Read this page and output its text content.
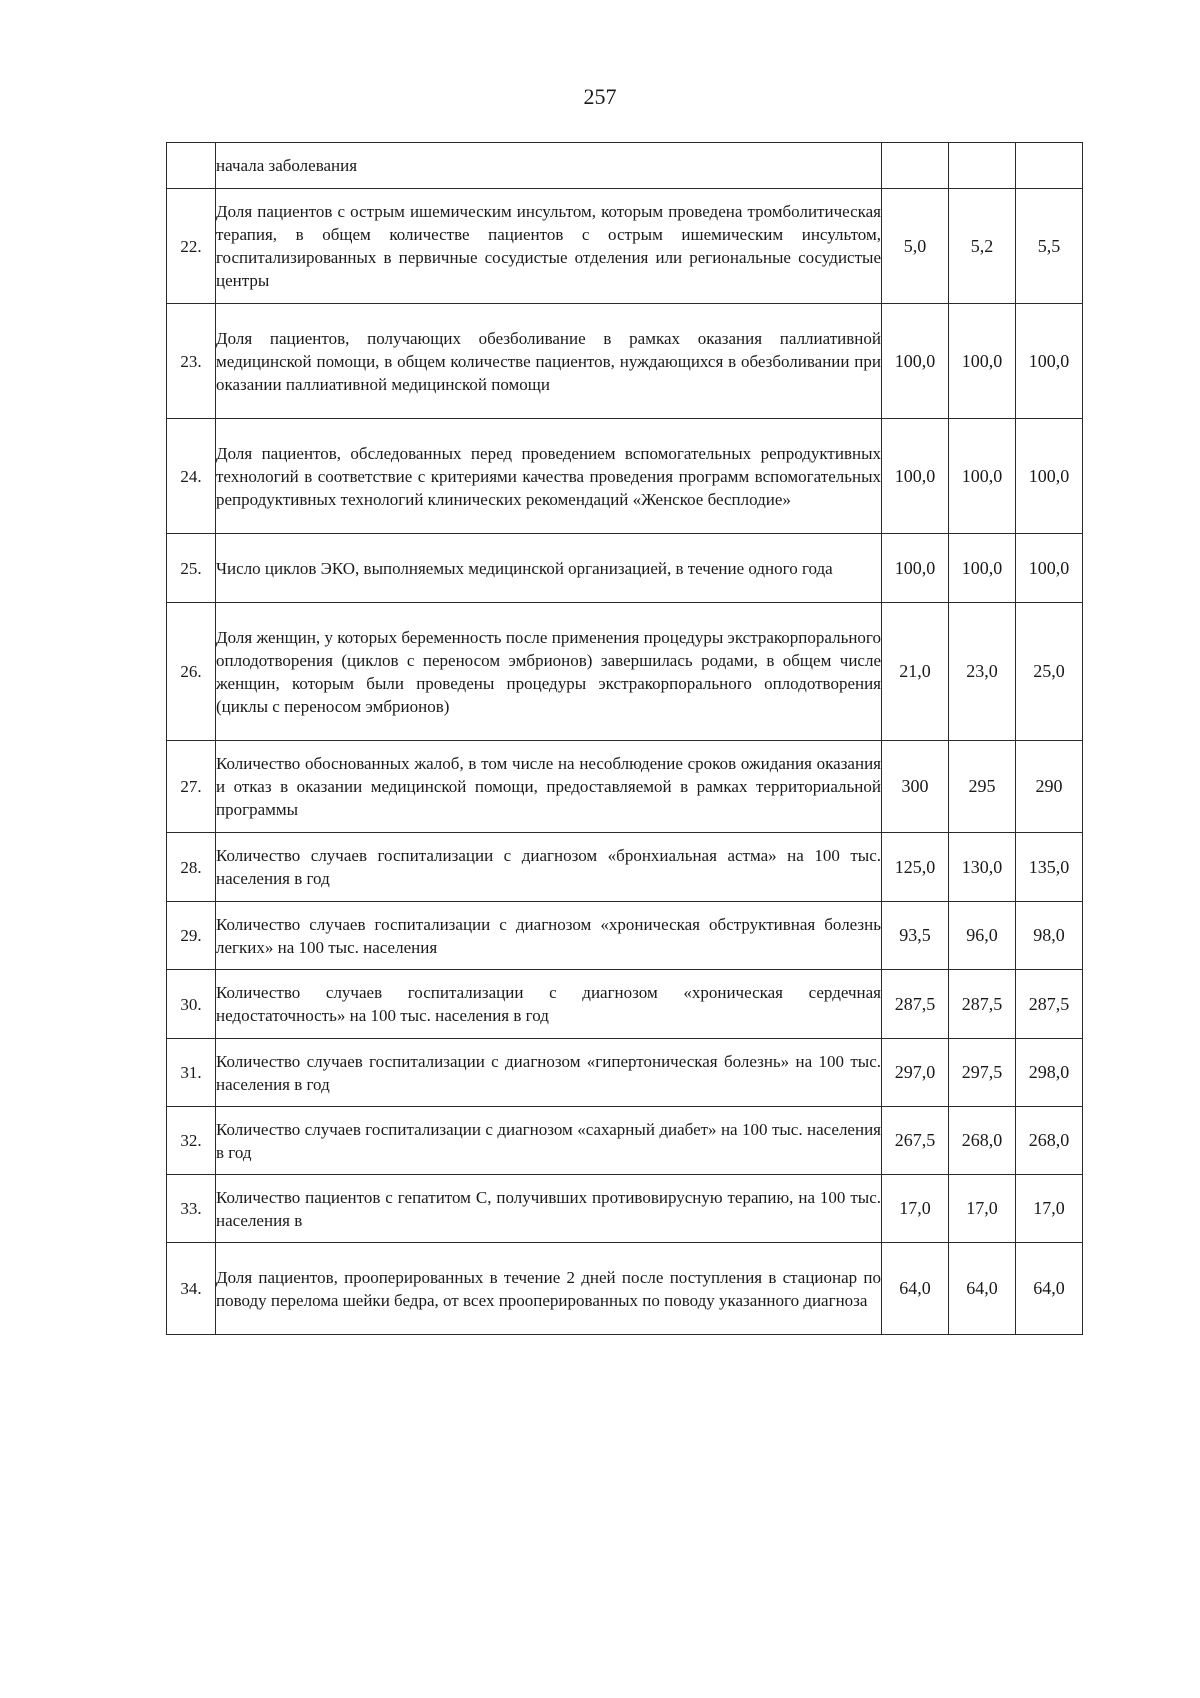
257
	начала заболевания			
22.	Доля пациентов с острым ишемическим инсультом, которым проведена тромболитическая терапия, в общем количестве пациентов с острым ишемическим инсультом, госпитализированных в первичные сосудистые отделения или региональные сосудистые центры	5,0	5,2	5,5
23.	Доля пациентов, получающих обезболивание в рамках оказания паллиативной медицинской помощи, в общем количестве пациентов, нуждающихся в обезболивании при оказании паллиативной медицинской помощи	100,0	100,0	100,0
24.	Доля пациентов, обследованных перед проведением вспомогательных репродуктивных технологий в соответствие с критериями качества проведения программ вспомогательных репродуктивных технологий клинических рекомендаций «Женское бесплодие»	100,0	100,0	100,0
25.	Число циклов ЭКО, выполняемых медицинской организацией, в течение одного года	100,0	100,0	100,0
26.	Доля женщин, у которых беременность после применения процедуры экстракорпорального оплодотворения (циклов с переносом эмбрионов) завершилась родами, в общем числе женщин, которым были проведены процедуры экстракорпорального оплодотворения (циклы с переносом эмбрионов)	21,0	23,0	25,0
27.	Количество обоснованных жалоб, в том числе на несоблюдение сроков ожидания оказания и отказ в оказании медицинской помощи, предоставляемой в рамках территориальной программы	300	295	290
28.	Количество случаев госпитализации с диагнозом «бронхиальная астма» на 100 тыс. населения в год	125,0	130,0	135,0
29.	Количество случаев госпитализации с диагнозом «хроническая обструктивная болезнь легких» на 100 тыс. населения	93,5	96,0	98,0
30.	Количество случаев госпитализации с диагнозом «хроническая сердечная недостаточность» на 100 тыс. населения в год	287,5	287,5	287,5
31.	Количество случаев госпитализации с диагнозом «гипертоническая болезнь» на 100 тыс. населения в год	297,0	297,5	298,0
32.	Количество случаев госпитализации с диагнозом «сахарный диабет» на 100 тыс. населения в год	267,5	268,0	268,0
33.	Количество пациентов с гепатитом С, получивших противовирусную терапию, на 100 тыс. населения в	17,0	17,0	17,0
34.	Доля пациентов, прооперированных в течение 2 дней после поступления в стационар по поводу перелома шейки бедра, от всех прооперированных по поводу указанного диагноза	64,0	64,0	64,0
